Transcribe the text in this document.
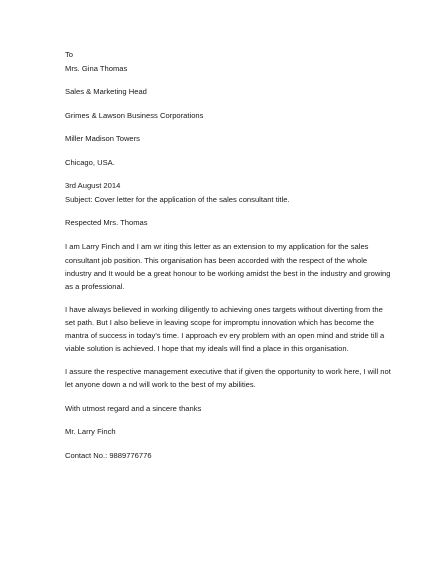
To
Mrs. Gina Thomas
Sales & Marketing Head
Grimes & Lawson Business Corporations
Miller Madison Towers
Chicago, USA.
3rd August 2014
Subject: Cover letter for the application of the sales consultant title.
Respected Mrs. Thomas
I am Larry Finch and I am wr iting this letter as an extension to my application for the sales
consultant job position. This organisation has been accorded with the respect of the whole
industry and It would be a great honour to be working amidst the best in the industry and growing
as a professional.
I have always believed in working diligently to achieving ones targets without diverting from the
set path. But I also believe in leaving scope for impromptu innovation which has become the
mantra of success in today's time. I approach ev ery problem with an open mind and stride till a
viable solution is achieved. I hope that my ideals will find a place in this organisation.
I assure the respective management executive that if given the opportunity to work here, I will not
let anyone down a nd will work to the best of my abilities.
With utmost regard and a sincere thanks
Mr. Larry Finch
Contact No.: 9889776776
